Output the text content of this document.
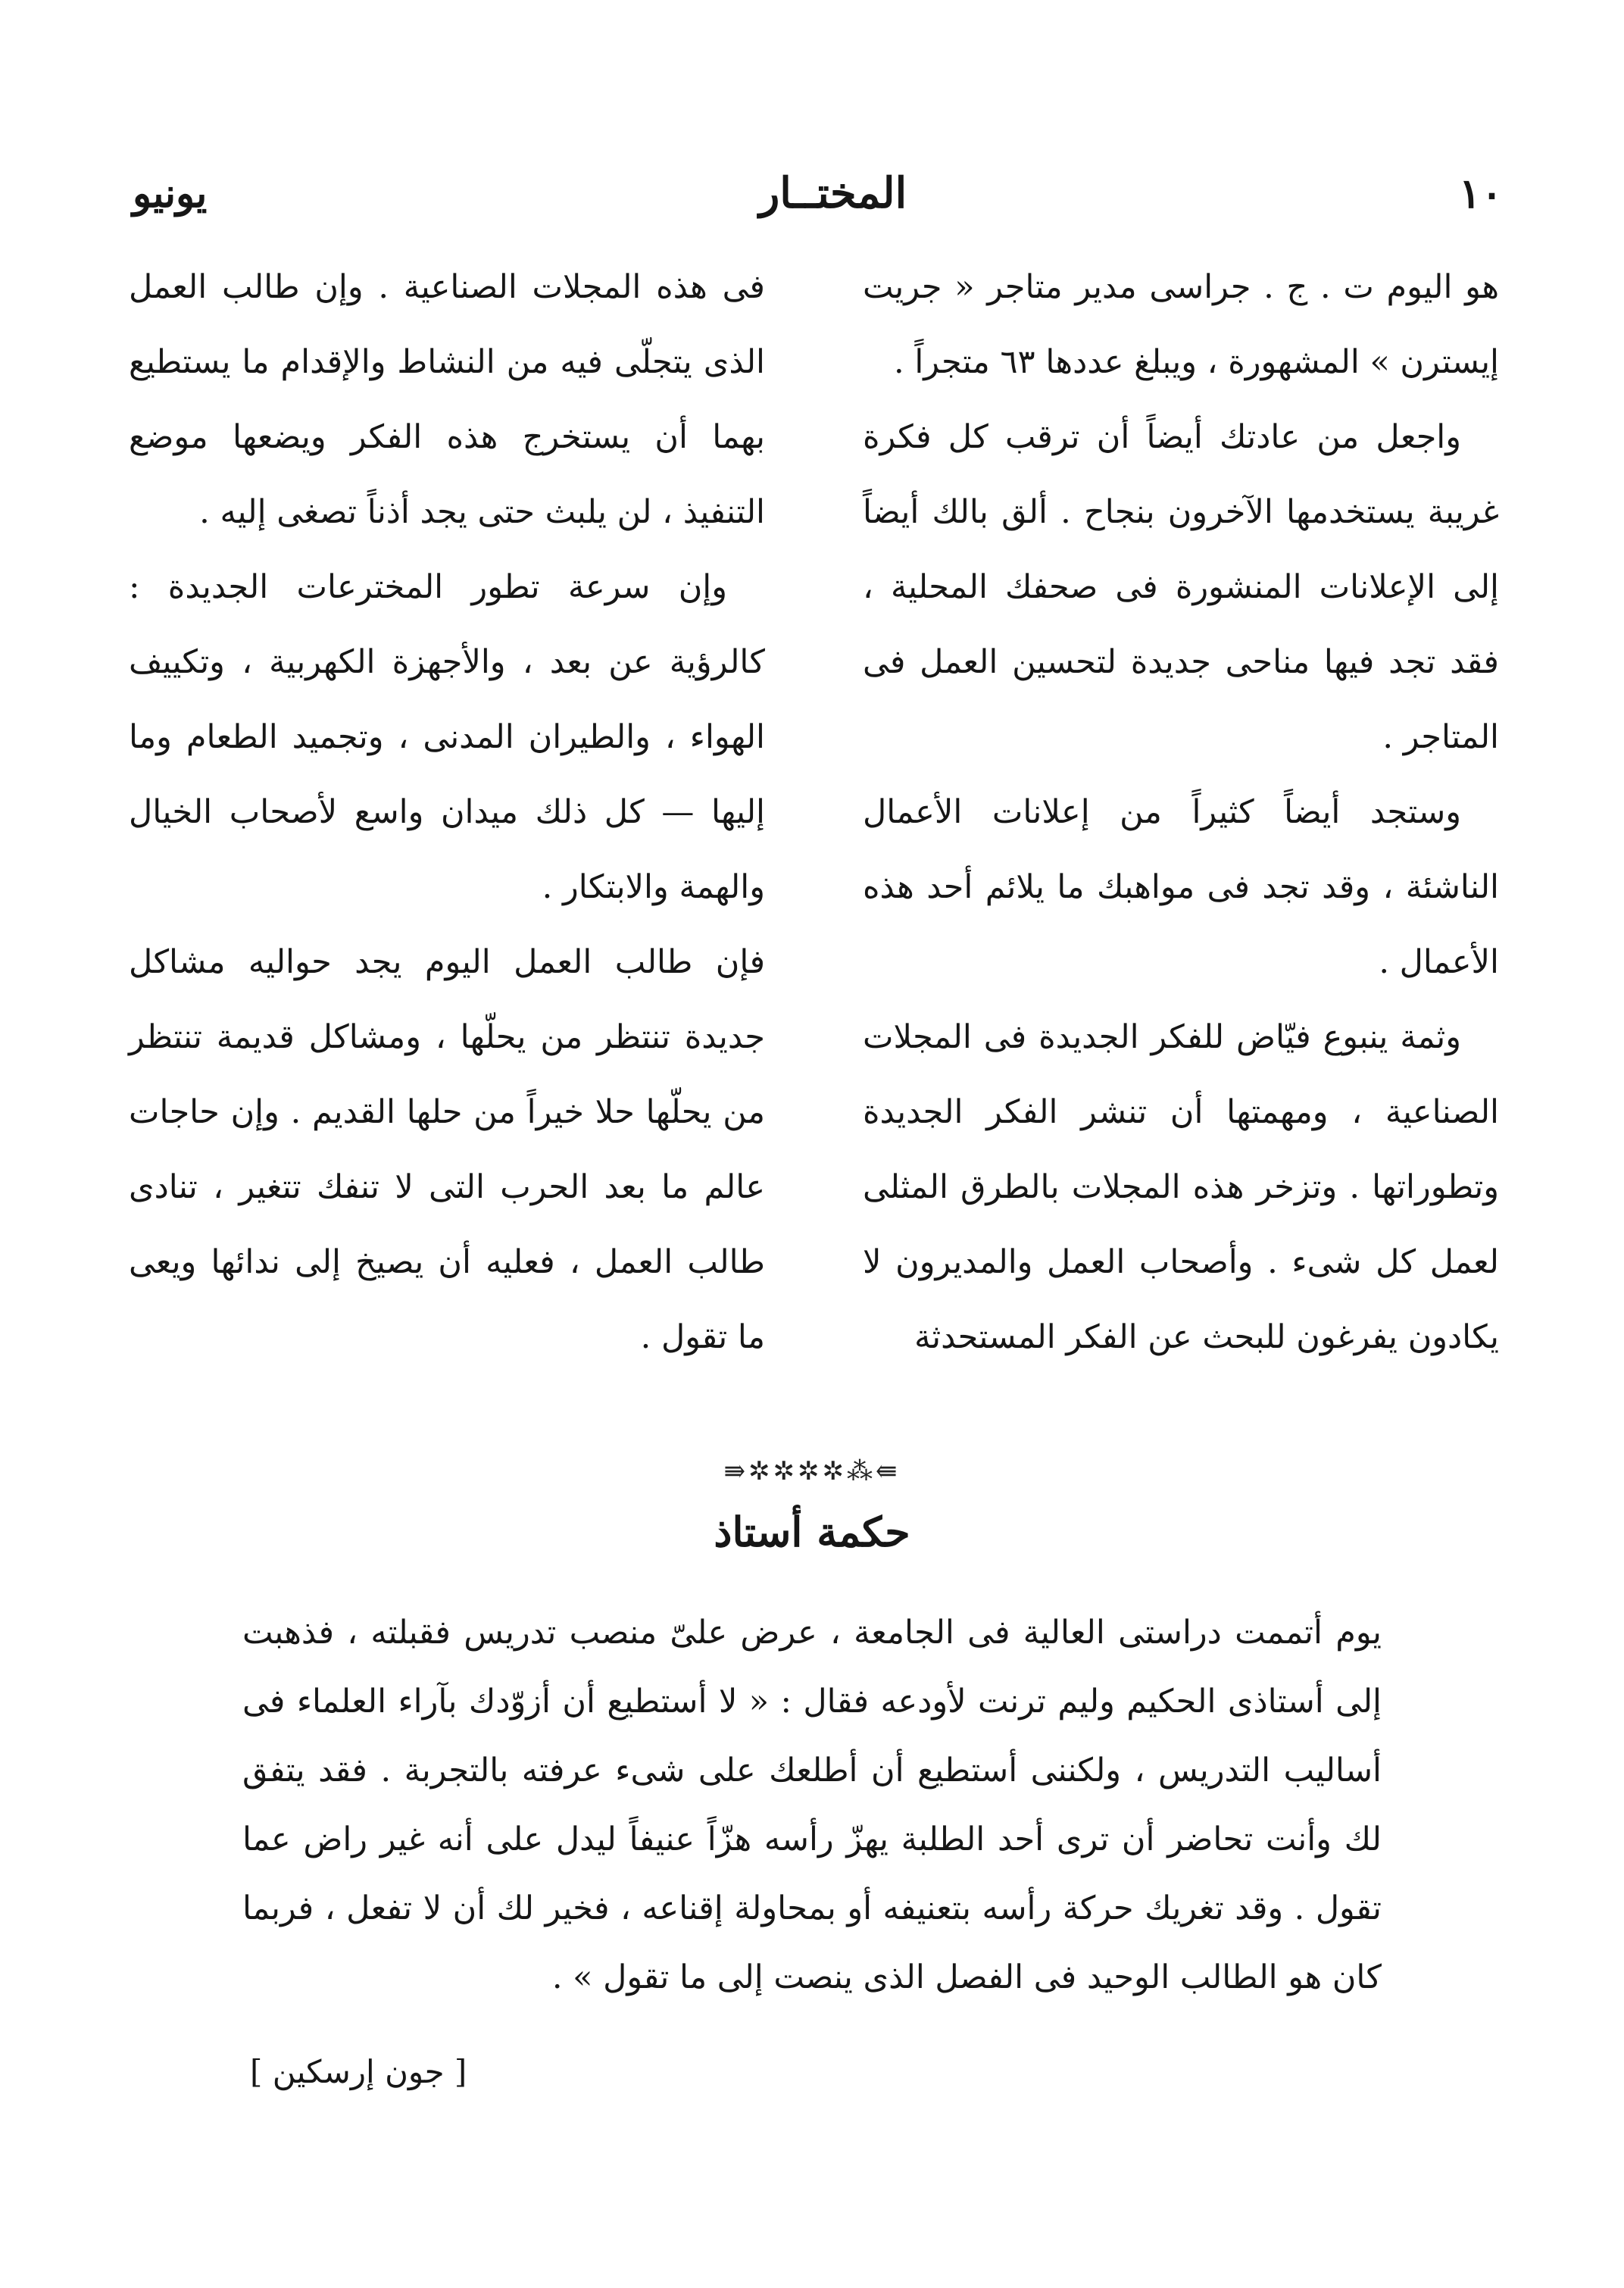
١٠
المختــار
يونيو

هو اليوم ت . ج . جراسى مدير متاجر « جريت إيسترن » المشهورة ، ويبلغ عددها ٦٣ متجراً .

واجعل من عادتك أيضاً أن ترقب كل فكرة غريبة يستخدمها الآخرون بنجاح . ألق بالك أيضاً إلى الإعلانات المنشورة فى صحفك المحلية ، فقد تجد فيها مناحى جديدة لتحسين العمل فى المتاجر .

وستجد أيضاً كثيراً من إعلانات الأعمال الناشئة ، وقد تجد فى مواهبك ما يلائم أحد هذه الأعمال .

وثمة ينبوع فيّاض للفكر الجديدة فى المجلات الصناعية ، ومهمتها أن تنشر الفكر الجديدة وتطوراتها . وتزخر هذه المجلات بالطرق المثلى لعمل كل شىء . وأصحاب العمل والمديرون لا يكادون يفرغون للبحث عن الفكر المستحدثة

فى هذه المجلات الصناعية . وإن طالب العمل الذى يتجلّى فيه من النشاط والإقدام ما يستطيع بهما أن يستخرج هذه الفكر ويضعها موضع التنفيذ ، لن يلبث حتى يجد أذناً تصغى إليه .

وإن سرعة تطور المخترعات الجديدة : كالرؤية عن بعد ، والأجهزة الكهربية ، وتكييف الهواء ، والطيران المدنى ، وتجميد الطعام وما إليها — كل ذلك ميدان واسع لأصحاب الخيال والهمة والابتكار .

فإن طالب العمل اليوم يجد حواليه مشاكل جديدة تنتظر من يحلّها ، ومشاكل قديمة تنتظر من يحلّها حلا خيراً من حلها القديم . وإن حاجات عالم ما بعد الحرب التى لا تنفك تتغير ، تنادى طالب العمل ، فعليه أن يصيخ إلى ندائها ويعى ما تقول .

⇚⁂✲✲✲✲⇛
حكمة أستاذ

يوم أتممت دراستى العالية فى الجامعة ، عرض علىّ منصب تدريس فقبلته ، فذهبت إلى أستاذى الحكيم وليم ترنت لأودعه فقال : « لا أستطيع أن أزوّدك بآراء العلماء فى أساليب التدريس ، ولكننى أستطيع أن أطلعك على شىء عرفته بالتجربة . فقد يتفق لك وأنت تحاضر أن ترى أحد الطلبة يهزّ رأسه هزّاً عنيفاً ليدل على أنه غير راض عما تقول . وقد تغريك حركة رأسه بتعنيفه أو بمحاولة إقناعه ، فخير لك أن لا تفعل ، فربما كان هو الطالب الوحيد فى الفصل الذى ينصت إلى ما تقول » .

[ جون إرسكين ]
